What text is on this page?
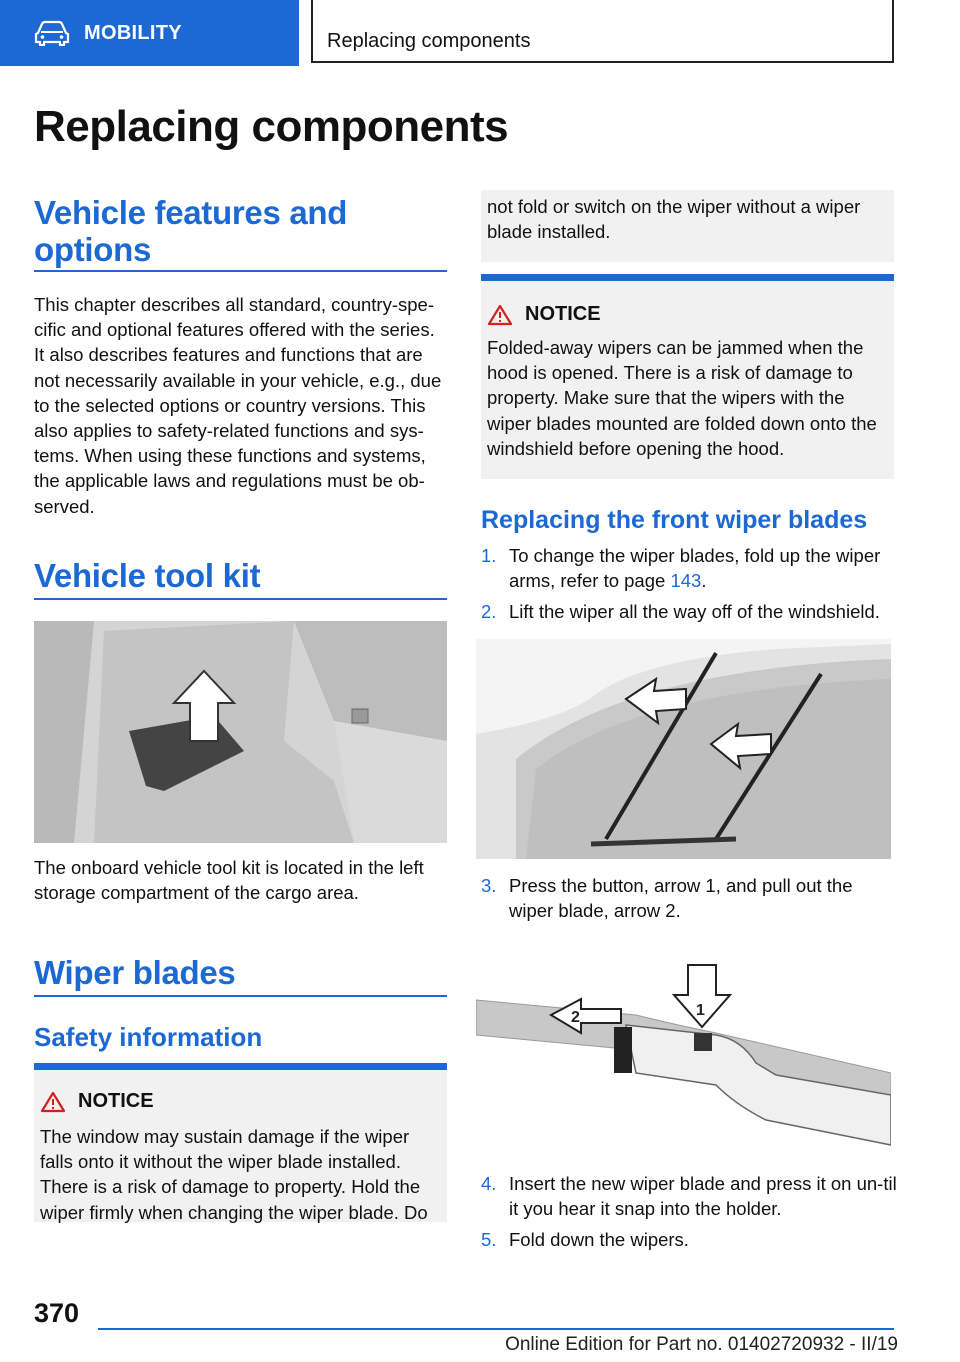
MOBILITY	Replacing components
Replacing components
Vehicle features and options
This chapter describes all standard, country-spe-cific and optional features offered with the series. It also describes features and functions that are not necessarily available in your vehicle, e.g., due to the selected options or country versions. This also applies to safety-related functions and sys-tems. When using these functions and systems, the applicable laws and regulations must be ob-served.
Vehicle tool kit
The onboard vehicle tool kit is located in the left storage compartment of the cargo area.
Wiper blades
Safety information
NOTICE
The window may sustain damage if the wiper falls onto it without the wiper blade installed. There is a risk of damage to property. Hold the wiper firmly when changing the wiper blade. Do
not fold or switch on the wiper without a wiper blade installed.
NOTICE
Folded-away wipers can be jammed when the hood is opened. There is a risk of damage to property. Make sure that the wipers with the wiper blades mounted are folded down onto the windshield before opening the hood.
Replacing the front wiper blades
1. To change the wiper blades, fold up the wiper arms, refer to page 143.
2. Lift the wiper all the way off of the windshield.
3. Press the button, arrow 1, and pull out the wiper blade, arrow 2.
1
2
4. Insert the new wiper blade and press it on un-til it you hear it snap into the holder.
5. Fold down the wipers.
370
Online Edition for Part no. 01402720932 - II/19
